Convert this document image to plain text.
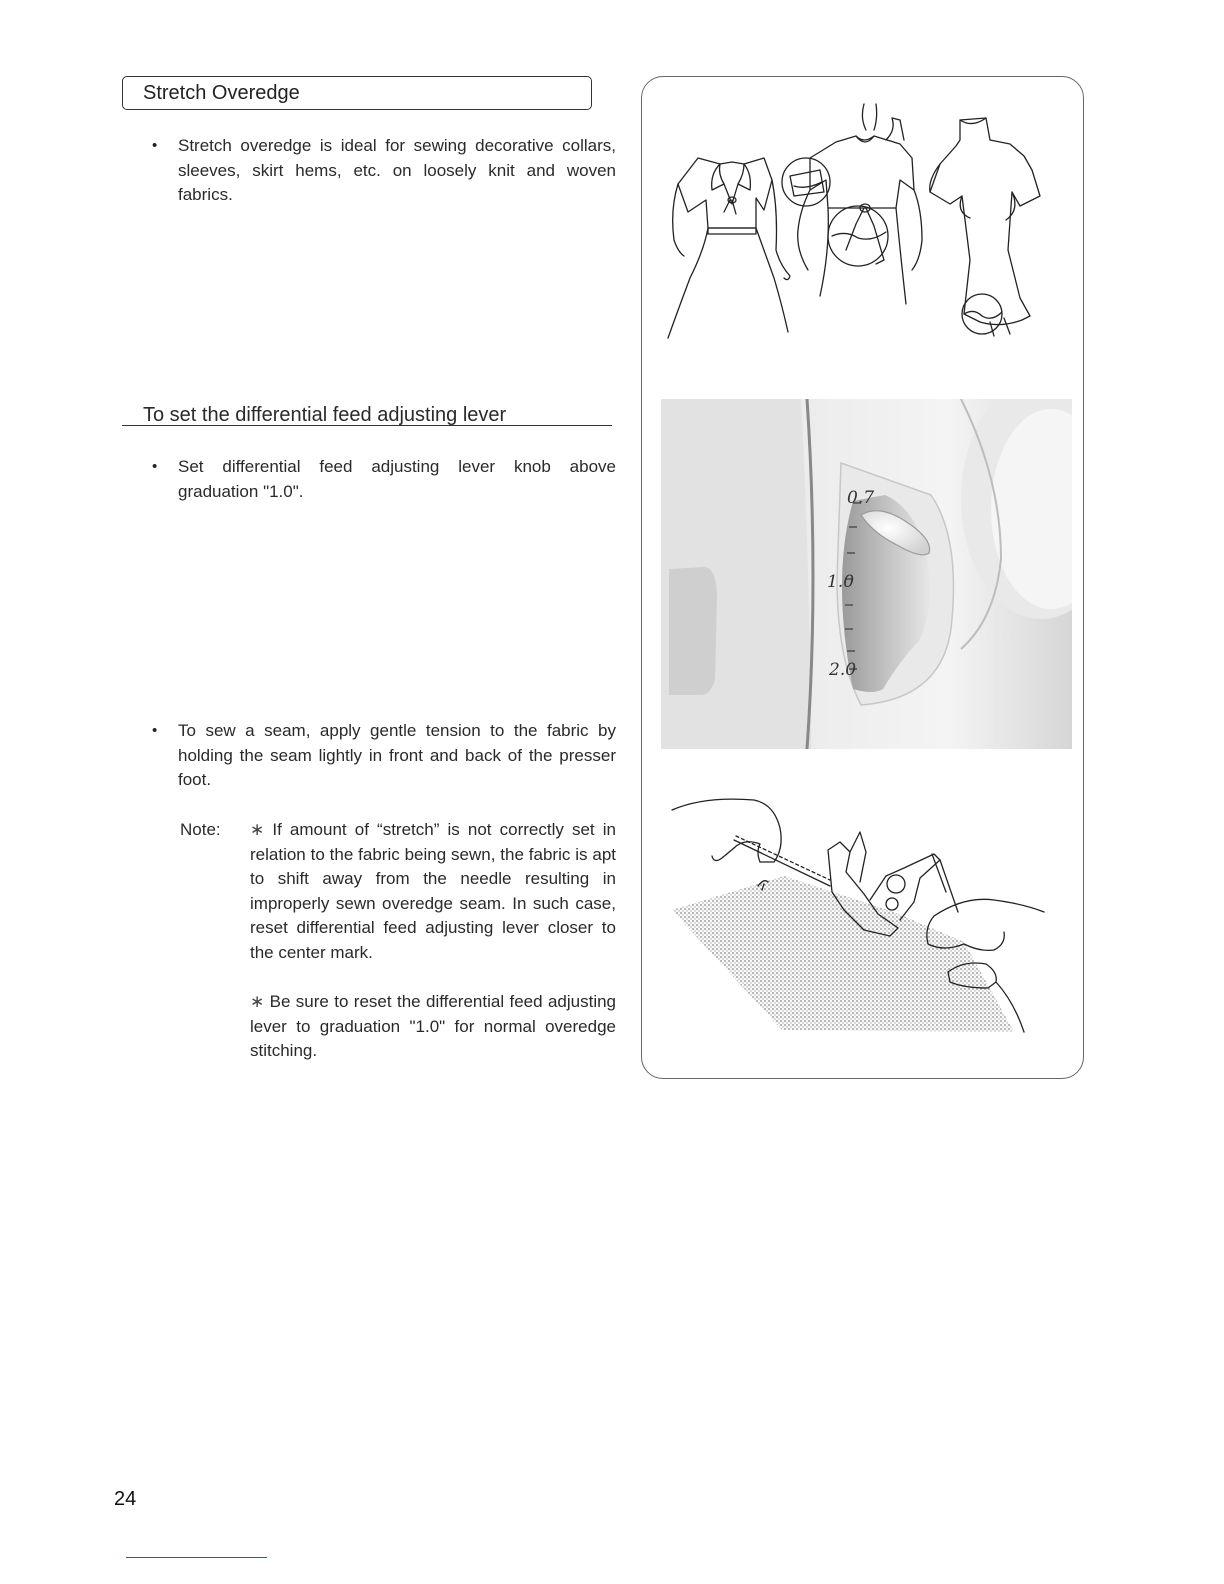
Stretch Overedge
•	Stretch overedge is ideal for sewing decorative collars, sleeves, skirt hems, etc. on loosely knit and woven fabrics.
To set the differential feed adjusting lever
•	Set differential feed adjusting lever knob above graduation "1.0".
•	To sew a seam, apply gentle tension to the fabric by holding the seam lightly in front and back of the presser foot.
Note:	∗ If amount of “stretch” is not correctly set in relation to the fabric being sewn, the fabric is apt to shift away from the needle resulting in improperly sewn overedge seam. In such case, reset differential feed adjusting lever closer to the center mark.
∗ Be sure to reset the differential feed adjusting lever to graduation "1.0" for normal overedge stitching.
0.7
1.0
2.0
24
